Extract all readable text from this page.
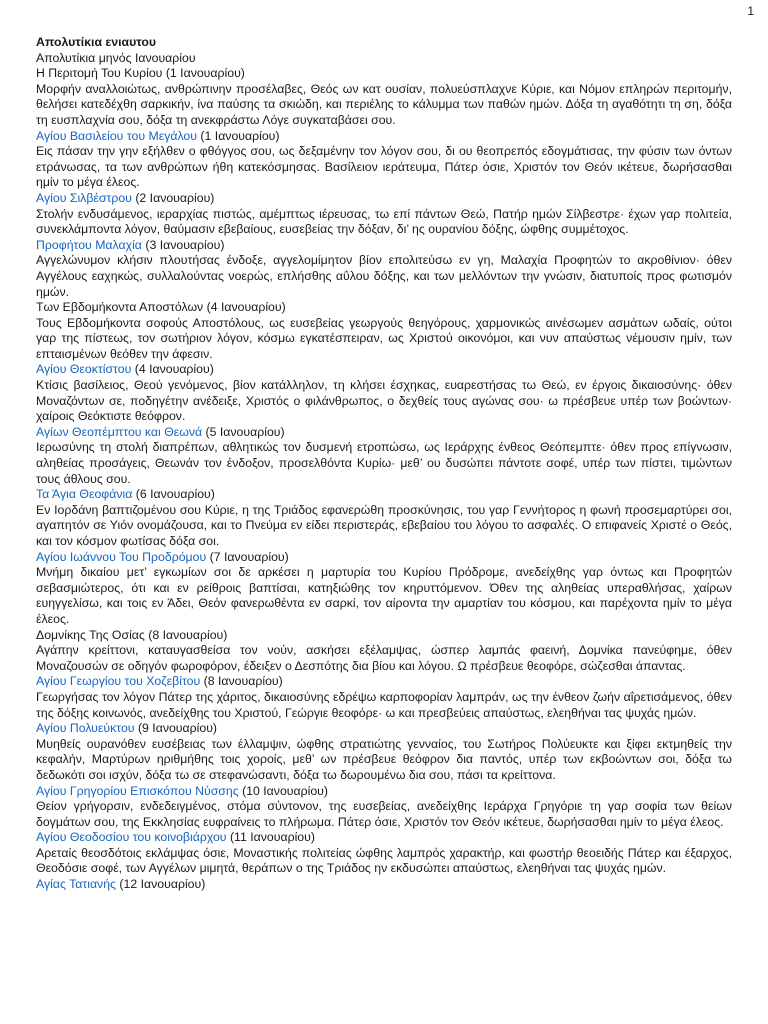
1
Απολυτίκια ενιαυτου
Απολυτίκια μηνός Ιανουαρίου
Η Περιτομή Του Κυρίου (1 Ιανουαρίου)
Μορφήν αναλλοιώτως, ανθρώπινην προσέλαβες, Θεός ων κατ ουσίαν, πολυεύσπλαχνε Κύριε, και Νόμον επληρών περιτομήν, θελήσει κατεδέχθη σαρκικήν, ίνα παύσης τα σκιώδη, και περιέλης το κάλυμμα των παθών ημών. Δόξα τη αγαθότητι τη ση, δόξα τη ευσπλαχνία σου, δόξα τη ανεκφράστω Λόγε συγκαταβάσει σου.
Αγίου Βασιλείου του Μεγάλου (1 Ιανουαρίου)
Εις πάσαν την γην εξήλθεν ο φθόγγος σου, ως δεξαμένην τον λόγον σου, δι ου θεοπρεπός εδογμάτισας, την φύσιν των όντων ετράνωσας, τα των ανθρώπων ήθη κατεκόσμησας. Βασίλειον ιεράτευμα, Πάτερ όσιε, Χριστόν τον Θεόν ικέτευε, δωρήσασθαι ημίν το μέγα έλεος.
Αγίου Σιλβέστρου (2 Ιανουαρίου)
Στολήν ενδυσάμενος, ιεραρχίας πιστώς, αμέμπτως ιέρευσας, τω επί πάντων Θεώ, Πατήρ ημών Σίλβεστρε· έχων γαρ πολιτεία, συνεκλάμποντα λόγον, θαύμασιν εβεβαίους, ευσεβείας την δόξαν, δι’ ης ουρανίου δόξης, ώφθης συμμέτοχος.
Προφήτου Μαλαχία (3 Ιανουαρίου)
Αγγελώνυμον κλήσιν πλουτήσας ένδοξε, αγγελομίμητον βίον επολιτεύσω εν γη, Μαλαχία Προφητών το ακροθίνιον· όθεν Αγγέλους εαχηκώς, συλλαλούντας νοερώς, επλήσθης αΰλου δόξης, και των μελλόντων την γνώσιν, διατυποίς προς φωτισμόν ημών.
Των Εβδομήκοντα Αποστόλων (4 Ιανουαρίου)
Τους Εβδομήκοντα σοφούς Αποστόλους, ως ευσεβείας γεωργούς θεηγόρους, χαρμονικώς αινέσωμεν ασμάτων ωδαίς, ούτοι γαρ της πίστεως, τον σωτήριον λόγον, κόσμω εγκατέσπειραν, ως Χριστού οικονόμοι, και νυν απαύστως νέμουσιν ημίν, των επταισμένων θεόθεν την άφεσιν.
Αγίου Θεοκτίστου (4 Ιανουαρίου)
Κτίσις βασίλειος, Θεού γενόμενος, βίον κατάλληλον, τη κλήσει έσχηκας, ευαρεστήσας τω Θεώ, εν έργοις δικαιοσύνης· όθεν Μοναζόντων σε, ποδηγέτην ανέδειξε, Χριστός ο φιλάνθρωπος, ο δεχθείς τους αγώνας σου· ω πρέσβευε υπέρ των βοώντων· χαίροις Θεόκτιστε θεόφρον.
Αγίων Θεοπέμπτου και Θεωνά (5 Ιανουαρίου)
Ιερωσύνης τη στολή διαπρέπων, αθλητικώς τον δυσμενή ετροπώσω, ως Ιεράρχης ένθεος Θεόπεμπτε· όθεν προς επίγνωσιν, αληθείας προσάγεις, Θεωνάν τον ένδοξον, προσελθόντα Κυρίω· μεθ’ ου δυσώπει πάντοτε σοφέ, υπέρ των πίστει, τιμώντων τους άθλους σου.
Τα Άγια Θεοφάνια (6 Ιανουαρίου)
Εν Ιορδάνη βαπτιζομένου σου Κύριε, η της Τριάδος εφανερώθη προσκύνησις, του γαρ Γεννήτορος η φωνή προσεμαρτύρει σοι, αγαπητόν σε Υιόν ονομάζουσα, και το Πνεύμα εν είδει περιστεράς, εβεβαίου του λόγου το ασφαλές. Ο επιφανείς Χριστέ ο Θεός, και τον κόσμον φωτίσας δόξα σοι.
Αγίου Ιωάννου Του Προδρόμου (7 Ιανουαρίου)
Μνήμη δικαίου μετ’ εγκωμίων σοι δε αρκέσει η μαρτυρία του Κυρίου Πρόδρομε, ανεδείχθης γαρ όντως και Προφητών σεβασμιώτερος, ότι και εν ρείθροις βαπτίσαι, κατηξιώθης τον κηρυττόμενον. Όθεν της αληθείας υπεραθλήσας, χαίρων ευηγγελίσω, και τοις εν Άδει, Θεόν φανερωθέντα εν σαρκί, τον αίροντα την αμαρτίαν του κόσμου, και παρέχοντα ημίν το μέγα έλεος.
Δομνίκης Της Οσίας (8 Ιανουαρίου)
Αγάπην κρείττονι, καταυγασθείσα τον νούν, ασκήσει εξέλαμψας, ώσπερ λαμπάς φαεινή, Δομνίκα πανεύφημε, όθεν Μοναζουσών σε οδηγόν φωροφόρον, έδειξεν ο Δεσπότης δια βίου και λόγου. Ω πρέσβευε θεοφόρε, σώζεσθαι άπαντας.
Αγίου Γεωργίου του Χοζεβίτου (8 Ιανουαρίου)
Γεωργήσας τον λόγον Πάτερ της χάριτος, δικαιοσύνης εδρέψω καρποφορίαν λαμπράν, ως την ένθεον ζωήν αΐρετισάμενος, όθεν της δόξης κοινωνός, ανεδείχθης του Χριστού, Γεώργιε θεοφόρε· ω και πρεσβεύεις απαύστως, ελεηθήναι τας ψυχάς ημών.
Αγίου Πολυεύκτου (9 Ιανουαρίου)
Μυηθείς ουρανόθεν ευσέβειας των έλλαμψιν, ώφθης στρατιώτης γενναίος, του Σωτήρος Πολύευκτε και ξίφει εκτμηθείς την κεφαλήν, Μαρτύρων ηριθμήθης τοις χοροίς, μεθ’ ων πρέσβευε θεόφρον δια παντός, υπέρ των εκβοώντων σοι, δόξα τω δεδωκότι σοι ισχύν, δόξα τω σε στεφανώσαντι, δόξα τω δωρουμένω δια σου, πάσι τα κρείττονα.
Αγίου Γρηγορίου Επισκόπου Νύσσης (10 Ιανουαρίου)
Θείον γρήγορσιν, ενδεδειγμένος, στόμα σύντονον, της ευσεβείας, ανεδείχθης Ιεράρχα Γρηγόριε τη γαρ σοφία των θείων δογμάτων σου, της Εκκλησίας ευφραίνεις το πλήρωμα. Πάτερ όσιε, Χριστόν τον Θεόν ικέτευε, δωρήσασθαι ημίν το μέγα έλεος.
Αγίου Θεοδοσίου του κοινοβιάρχου (11 Ιανουαρίου)
Αρεταίς θεοσδότοις εκλάμψας όσιε, Μοναστικής πολιτείας ώφθης λαμπρός χαρακτήρ, και φωστήρ θεοειδής Πάτερ και έξαρχος, Θεοδόσιε σοφέ, των Αγγέλων μιμητά, θεράπων ο της Τριάδος ην εκδυσώπει απαύστως, ελεηθήναι τας ψυχάς ημών.
Αγίας Τατιανής (12 Ιανουαρίου)
